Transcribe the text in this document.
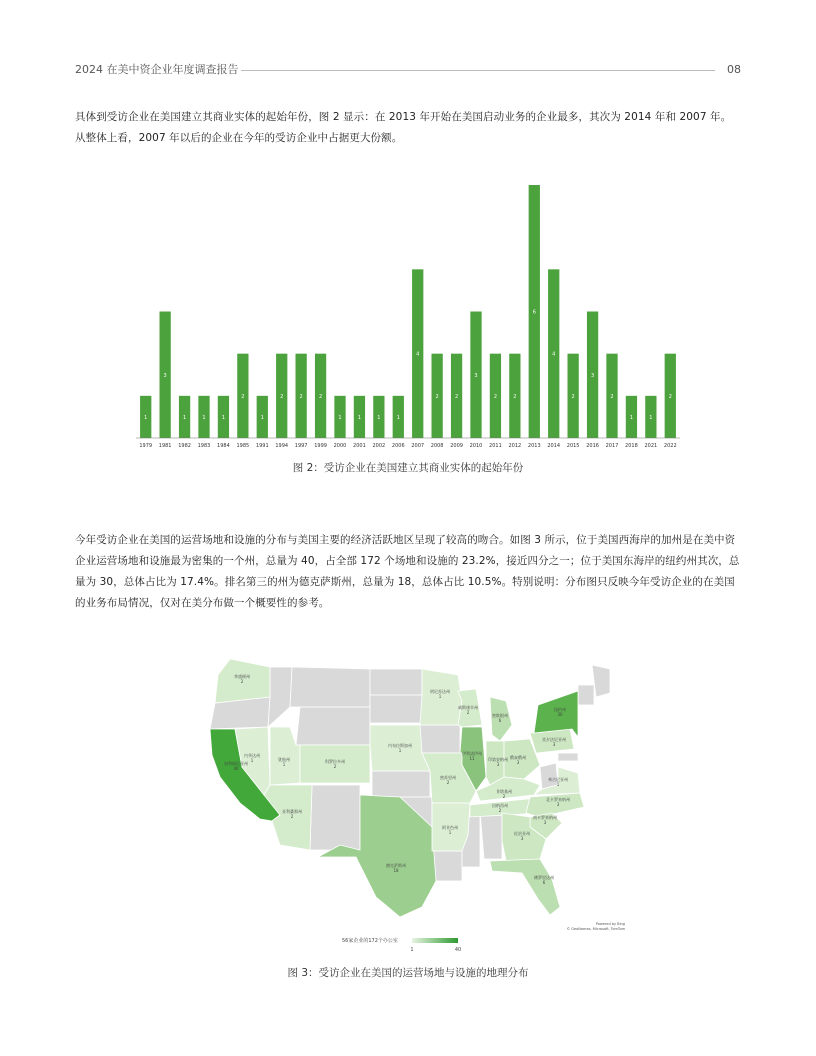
2024 在美中资企业年度调查报告	08
具体到受访企业在美国建立其商业实体的起始年份，图 2 显示：在 2013 年开始在美国启动业务的企业最多，其次为 2014 年和 2007 年。从整体上看，2007 年以后的企业在今年的受访企业中占据更大份额。
1
3
1	1	1
2
1
2	2	2
1	1	1	1
4
2	2
3
2	2
6
4
2
3
2
1	1
2
1979 1981 1982 1983 1984 1985 1991 1994 1997 1999 2000 2001 2002 2006 2007 2008 2009 2010 2011 2012 2013 2014 2015 2016 2017 2018 2021 2022
图 2：受访企业在美国建立其商业实体的起始年份
今年受访企业在美国的运营场地和设施的分布与美国主要的经济活跃地区呈现了较高的吻合。如图 3 所示，位于美国西海岸的加州是在美中资企业运营场地和设施最为密集的一个州，总量为 40，占全部 172 个场地和设施的 23.2%，接近四分之一；位于美国东海岸的纽约州其次，总量为 30，总体占比为 17.4%。排名第三的州为德克萨斯州，总量为 18，总体占比 10.5%。特别说明：分布图只反映今年受访企业的在美国的业务布局情况，仅对在美分布做一个概要性的参考。
华盛顿州
2
加利福尼亚州
40
内华达州
1	犹他州
1
科罗拉多州
2
亚利桑那州
2
德克萨斯州
18
内布拉斯加州
1
明尼苏达州
1
威斯康辛州
2
密歇根州
6
伊利诺伊州
11	印第安纳州
3
俄亥俄州
3
密苏里州
2
肯塔基州
2
田纳西州
2
阿肯色州
1
宾夕法尼亚州
3
纽约州
30
弗吉尼亚州
1
北卡罗来纳州
3
南卡罗来纳州
3
佐治亚州
3
佛罗里达州
6
Powered by Bing
© GeoNames, Microsoft, TomTom
56家企业的172个办公室
1	40
图 3：受访企业在美国的运营场地与设施的地理分布
